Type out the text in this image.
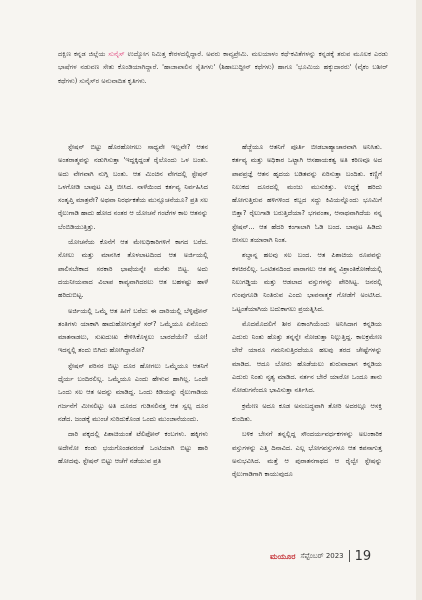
ದಕ್ಷಿಣ ಕನ್ನಡ ಜಿಲ್ಲೆಯ ಸುನೈಸ್ ಉದ್ಯೋಗ ನಿಮಿತ್ತ ಕೇರಳದಲ್ಲಿದ್ದಾರೆ. ಅವರು ಕಾವ್ಯಪ್ರೇಮಿ. ಮಲಯಾಳಂ ಕಥೆ-ಕವಿತೆಗಳನ್ನು ಕನ್ನಡಕ್ಕೆ ತರುವ ಮೂಲಕ ಎರಡು ಭಾಷೆಗಳ ನಡುವಣ ಸೇತು ಕೊಂಡಿಯಾಗಿದ್ದಾರೆ. 'ಹಾಜಾಪಾಲಿನ ಸೈತಿಗಳು' (ಶಿಹಾಬುದ್ದೀನ್ ಕಥೆಗಳು) ಹಾಗೂ 'ಭೂಮಿಯ ಹಕ್ಕುದಾರರು' (ವೈಕಂ ಬಶೀರ್ ಕಥೆಗಳು) ಸುನೈಸ್‌ರ ಅನುವಾದಿತ ಕೃತಿಗಳು.

ಸ್ಟೇಷನ್ ಬಿಟ್ಟು ಹೊರಹೋಗಲು ಸಾಧ್ಯವೇ ಇಲ್ಲವೇ? ಆತನ ಅಂತರಾತ್ಮವನ್ನು ನಡುಗಿಸುತ್ತಾ 'ಇದ್ದಕ್ಕಿದ್ದಂತೆ ರೈಲೊಂದು ಒಳ ಬಂತು. ಅದು ವೇಗವಾಗಿ ನುಗ್ಗಿ ಬಂತು. ಆತ ಮಿಂಚಿನ ವೇಗದಲ್ಲಿ ಸ್ಟೇಷನ್ ಒಳಗೋಡಿ ಬಾವುಟ ಎತ್ತಿ ಬೀಸಿದ. ನಾಳೆಯಿಂದ ಕರ್ತವ್ಯ ನಿರ್ವಹಿಸಿದ ಸಂತೃಪ್ತಿ ಮಾತ್ರವೇ? ಅಥವಾ ನಿರರ್ಥಕತೆಯ ಮುನ್ಸೂಚನೆಯೂ? ಪ್ರತಿ ಸಲ ರೈಲುಗಾಡಿ ಹಾದು ಹೋದ ನಂತರ ಆ ಯೋಚನೆ ಗಂಟೆಗಳ ಕಾಲ ಆತನನ್ನು ಬೆಂಬಿಡಿಯುತ್ತಿತ್ತು.

ಯೋಚನೆಯ ಕೊನೆಗೆ ಆತ ಮೇಲಧಿಕಾರಿಗಳಿಗೆ ಕಾಗದ ಬರೆದ. ಸೋಲು ಮತ್ತು ಮಾನಸಿಕ ತೊಳಲಾಟದಿಂದ ಆತ ಅರ್ಜಿಯಲ್ಲಿ ಪಾಲಿಸಬೇಕಾದ ಸರಕಾರಿ ಭಾಷೆಯನ್ನೇ ಮರೆತು ಬಿಟ್ಟ. ಅದು ದಯನೀಯವಾದ ವಿಲಾಪ ಕಾವ್ಯವಾಗಿದರಲು ಆತ ಬಹಳಷ್ಟು ಹಾಳೆ ಹರಿದುಬಿಟ್ಟ.

ಅರ್ಜಿಯಲ್ಲಿ ಒಮ್ಮೆ ಆತ ಹೀಗೆ ಬರೆದ: ಈ ದಾರಿಯಲ್ಲಿ ಬೆಳ್ಳಿಫೋನ್ ತಂತಿಗಳು ಯಾಕಾಗಿ ಹಾದುಹೋಗುತ್ತವೆ ಸರ್? ಒಮ್ಮೆಯೂ ಏನೊಂದು ಮಾತನಾಡಲು, ಸುಖದುಃಖ ಕೇಳಿಸಿಕೊಳ್ಳಲು ಬಾರದೆಯೇ? ಯೋ! ಇದನ್ನಲ್ಲಿ ತಂದು ಬಿಗಿದು ಹೋಗಿದ್ದಾರೋ?

ಸ್ಟೇಷನ್ ಪರಿಸರ ಬಿಟ್ಟು ದೂರ ಹೋಗಲು ಒಮ್ಮೆಯೂ ಆತನಿಗೆ ಧೈರ್ಯ ಬಂದಿರಲಿಲ್ಲ. ಒಮ್ಮೆಯೂ ಎಂದು ಹೇಳುವ ಹಾಗಿಲ್ಲ. ಒಂದೇ ಒಂದು ಸಲ ಆತ ಅದನ್ನು ಮಾಡಿದ್ದ. ಒಂದು ಕಿಡಿಯನ್ನು ರೈಲುಗಾಡಿಯ ಗರ್ಜನೆಗೆ ಮೀಸಲಿಟ್ಟು ಅತಿ ದೂರದ ಗುಡಿಸಲಿನತ್ತ ಆತ ಸ್ವಲ್ಪ ದೂರ ನಡೆದ. ಜಂಡಕ್ಕೆ ಮುಂಚೆ ಸುರಿದುಕೊಂಡ ಒಂದು ಮುಂಜಾನೆಯಂದು.

ದಾರಿ ಪಕ್ಕದಲ್ಲಿ ಪಿಶಾಚಿಯಂತೆ ಟೆಲಿಫೋನ್ ಕಂಬಗಳು. ಹಕ್ಕಿಗಳು ಅದೇನೋ ಕಂಡು ಭಯಗೊಂಡವರಂತೆ ಒಂಟಿಯಾಗಿ ಬಿಟ್ಟು ಹಾರಿ ಹೋದವು. ಸ್ಟೇಷನ್ ಬಿಟ್ಟು ಆಚೆಗೆ ನಡೆಯುವ ಪ್ರತಿ

ಹೆಜ್ಜೆಯೂ ಆತನಿಗೆ ಪೂರ್ತಿ ಬೀಡಬಾಹ್ಯಾಚಾರವಾಗಿ ಅನಿಸಿತು. ಕರ್ತವ್ಯ ಮತ್ತು ಅಧಿಕಾರ ಒಟ್ಟಾಗಿ ಆಸಹಾಯಕತ್ವ ಅತಿ ಕಠಿಣವೂ ಅದ ಪಾಪಪ್ರಜ್ಞೆ ಆತನ ಹೃದಯ ಬಡಿತವನ್ನು ಏರಿಸುತ್ತಾ ಬಂದಿತು. ಕಣ್ಣಿಗೆ ನಿಲುಕದ ದೂರದಲ್ಲಿ ಮಂಜು ಮುಸುಕಿತ್ತು. ಉದ್ದಕ್ಕೆ ಹರಿದು ಹೋಗುತ್ತಿರುವ ಹಳಿಗಳಿಂದ ಕಬ್ಬದ ಸದ್ದು ಕಿವಿಯನ್ನೊಂದು ಭೂಮಿಗೆ ಬಿತ್ತಾ? ರೈಲುಗಾಡಿ ಬರುತ್ತಿದೆಯಾ? ಭಗವಂತಾ, ಆನಾಥವಾಗಿದೆಯ ನನ್ನ ಸ್ಟೇಷನ್... ಆತ ಹೆದರಿ ಕಂಗಾಲಾಗಿ ಓಡಿ ಬಂದ. ಬಾವುಟ ಹಿಡಿದು ಬೀಸಲು ತಯಾರಾಗಿ ನಿಂತ.

ಶಬ್ದಾನ್ನ ಹಲವು ಸಲ ಬಂದ. ಆತ ಪಿಶಾಚಿಯ ರೂಪವನ್ನು ಕಳಚಿರಲಿಲ್ಲ. ಒಂಟಿತನದಿಂದ ಪಾರಾಗಲು ಆತ ತನ್ನ ವಿಶ್ರಾಂತಿಕೋಣೆಯಲ್ಲಿ ನಿಲುಗಡ್ಡಿಯ ಮತ್ತು ಆಡಲಾದ ವಸ್ತುಗಳನ್ನು ಪೇರಿಸಿಟ್ಟ. ಜನರಲ್ಲಿ ಗುಂಪುಗೂಡಿ ನಿಂತಿರುವ ಎಂದು ಭಾವನಾತ್ಮಕ ಗೋಡೆಗೆ ಅಂಟಿಸಿದ. ಒಟ್ಟಂತೆಯಾಗಿಯ ಬದುಕಾಗಲು ಪ್ರಯತ್ನಿಸಿದ.

ಮೊದಮೊದಲಿಗೆ ಶೀರ ಏಕಾಂಗಿಯೆಂದು ಅನಿಸಿದಾಗ ಕನ್ನಡಿಯ ಎದುರು ನಿಂತು ಹೊತ್ತು ತನ್ನನ್ನೇ ನೋಡುತ್ತಾ ನಿಲ್ಲುತ್ತಿದ್ದ. ಕಾಲಕ್ರಮೇಣ ಬೇರೆ ಯಾರೂ ಗಮನಿಸುತ್ತಿರದೆಯೂ ಹಲವು ತರದ ಚೇಷ್ಟೆಗಳನ್ನು ಮಾಡಿದ. ಆದೂ ಬೋರು ಹೊಡೆಯಲು ಶುರುವಾದಾಗ ಕನ್ನಡಿಯ ಎದುರು ನಿಂತು ನೃತ್ಯ ಮಾಡಿದ. ನರ್ತನ ಬೇರೆ ಯಾರೋ ಒಂದೂ ತಾನು ನೋಡುಗನೆಂದೂ ಭಾವಿಸುತ್ತಾ ನರ್ತಿಸಿದ.

ಕ್ರಮೇಣ ಅದೂ ಕೂಡ ಅಸಂಬದ್ಧವಾಗಿ ತೋರಿ ಅದರಲ್ಲೂ ಆಸಕ್ತಿ ಕುಂದಿತು.

ಬಳಿಕ ಬೇಸಗೆ ತನ್ನಲ್ಲಿದ್ದ ಸೌಂದರ್ಯವರ್ಧಕಗಳನ್ನು ಅಲಂಕಾರಿಕ ವಸ್ತುಗಳನ್ನು ಎತ್ತಿ ದಿನಾವಿದ. ಎಲ್ಲ ಭೋಗವಸ್ತುಗಳೂ ಆತ ಕಪಸಾಗುತ್ತ ಅನುಭವಿಸಿದ. ಮತ್ತೆ ಆ ಪುರಾತನಗಾಥದ ಆ ರೈಲ್ವೇ ಸ್ಟೇಷನ್ನು ರೈಲುಗಾಡಿಗಾಗಿ ಕಾಯುವುದೂ

ಮಯೂರ ಸೆಪ್ಟೆಂಬರ್ 2023 19
